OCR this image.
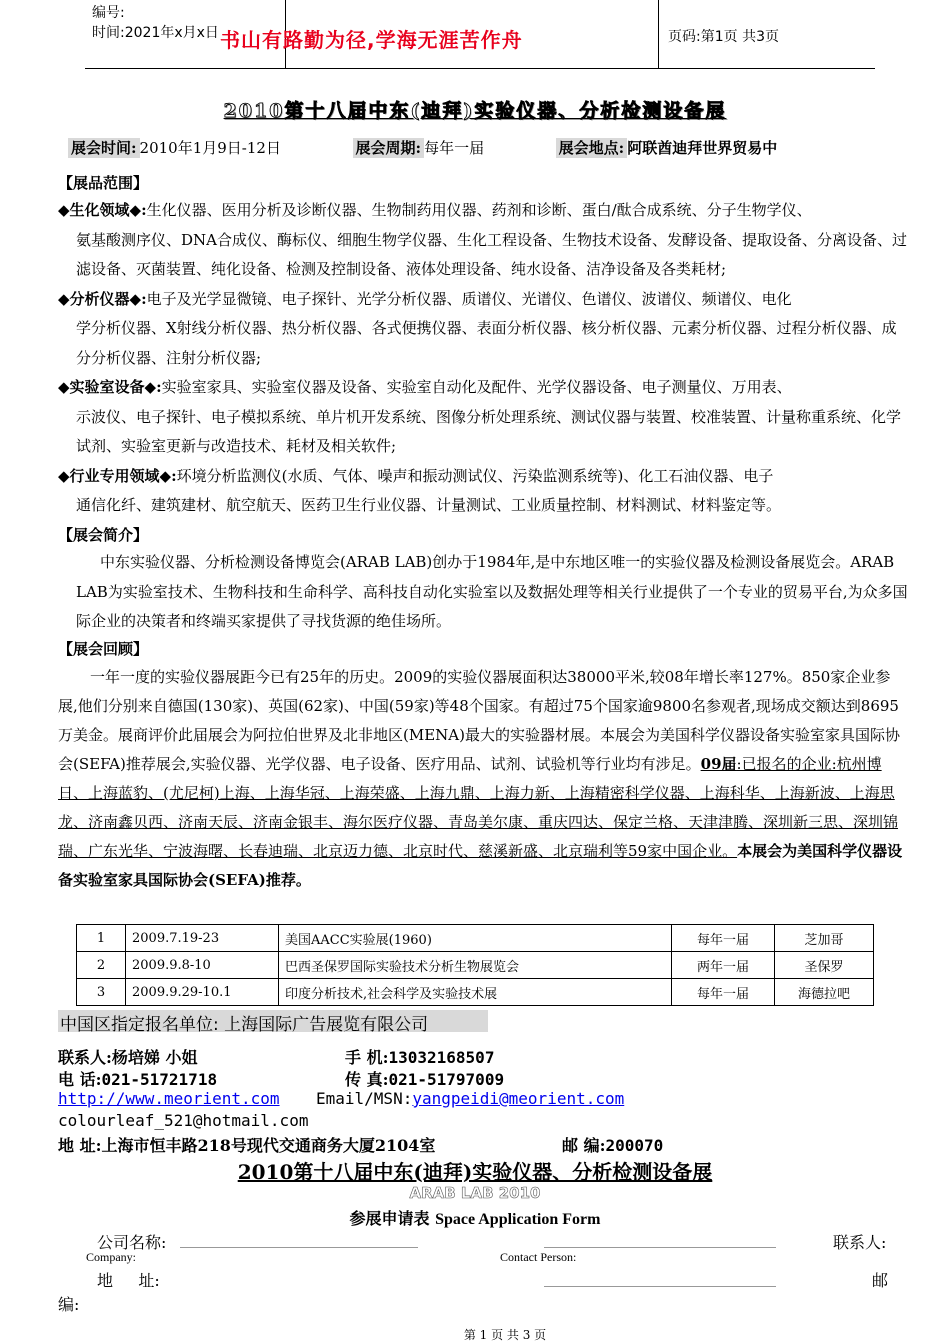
编号:
时间:2021年x月x日 书山有路勤为径,学海无涯苦作舟	页码:第1页 共3页
2010第十八届中东(迪拜)实验仪器、分析检测设备展
展会时间: 2010年1月9日-12日	展会周期: 每年一届	展会地点: 阿联酋迪拜世界贸易中
【展品范围】
◆生化领域◆:生化仪器、医用分析及诊断仪器、生物制药用仪器、药剂和诊断、蛋白/酞合成系统、分子生物学仪、
氨基酸测序仪、DNA合成仪、酶标仪、细胞生物学仪器、生化工程设备、生物技术设备、发酵设备、提取设备、分离设备、过滤设备、灭菌装置、纯化设备、检测及控制设备、液体处理设备、纯水设备、洁净设备及各类耗材;
◆分析仪器◆:电子及光学显微镜、电子探针、光学分析仪器、质谱仪、光谱仪、色谱仪、波谱仪、频谱仪、电化
学分析仪器、X射线分析仪器、热分析仪器、各式便携仪器、表面分析仪器、核分析仪器、元素分析仪器、过程分析仪器、成分分析仪器、注射分析仪器;
◆实验室设备◆:实验室家具、实验室仪器及设备、实验室自动化及配件、光学仪器设备、电子测量仪、万用表、
示波仪、电子探针、电子模拟系统、单片机开发系统、图像分析处理系统、测试仪器与装置、校准装置、计量称重系统、化学试剂、实验室更新与改造技术、耗材及相关软件;
◆行业专用领域◆:环境分析监测仪(水质、气体、噪声和振动测试仪、污染监测系统等)、化工石油仪器、电子
通信化纤、建筑建材、航空航天、医药卫生行业仪器、计量测试、工业质量控制、材料测试、材料鉴定等。
【展会简介】
中东实验仪器、分析检测设备博览会(ARAB LAB)创办于1984年,是中东地区唯一的实验仪器及检测设备展览会。ARAB LAB为实验室技术、生物科技和生命科学、高科技自动化实验室以及数据处理等相关行业提供了一个专业的贸易平台,为众多国际企业的决策者和终端买家提供了寻找货源的绝佳场所。
【展会回顾】
一年一度的实验仪器展距今已有25年的历史。2009的实验仪器展面积达38000平米,较08年增长率127%。850家企业参展,他们分别来自德国(130家)、英国(62家)、中国(59家)等48个国家。有超过75个国家逾9800名参观者,现场成交额达到8695万美金。展商评价此届展会为阿拉伯世界及北非地区(MENA)最大的实验器材展。本展会为美国科学仪器设备实验室家具国际协会(SEFA)推荐展会,实验仪器、光学仪器、电子设备、医疗用品、试剂、试验机等行业均有涉足。09届:已报名的企业:杭州博日、上海蓝豹、(尤尼柯)上海、上海华冠、上海荣盛、上海九鼎、上海力新、上海精密科学仪器、上海科华、上海新波、上海思龙、济南鑫贝西、济南天辰、济南金银丰、海尔医疗仪器、青岛美尔康、重庆四达、保定兰格、天津津腾、深圳新三思、深圳锦瑞、广东光华、宁波海曙、长春迪瑞、北京迈力德、北京时代、慈溪新盛、北京瑞利等59家中国企业。本展会为美国科学仪器设备实验室家具国际协会(SEFA)推荐。
1	2009.7.19-23	美国AACC实验展(1960)	每年一届	芝加哥
2	2009.9.8-10	巴西圣保罗国际实验技术分析生物展览会	两年一届	圣保罗
3	2009.9.29-10.1	印度分析技术,社会科学及实验技术展	每年一届	海德拉吧
中国区指定报名单位: 上海国际广告展览有限公司
联系人:杨培娣 小姐	手 机:13032168507
电 话:021-51721718	传 真:021-51797009
http://www.meorient.com Email/MSN:yangpeidi@meorient.com
colourleaf_521@hotmail.com
地 址:上海市恒丰路218号现代交通商务大厦2104室	邮 编:200070
2010第十八届中东(迪拜)实验仪器、分析检测设备展
ARAB LAB 2010
参展申请表 Space Application Form
公司名称:	联系人:
Company:	Contact Person:
地     址:	邮
编:
第 1 页 共 3 页
